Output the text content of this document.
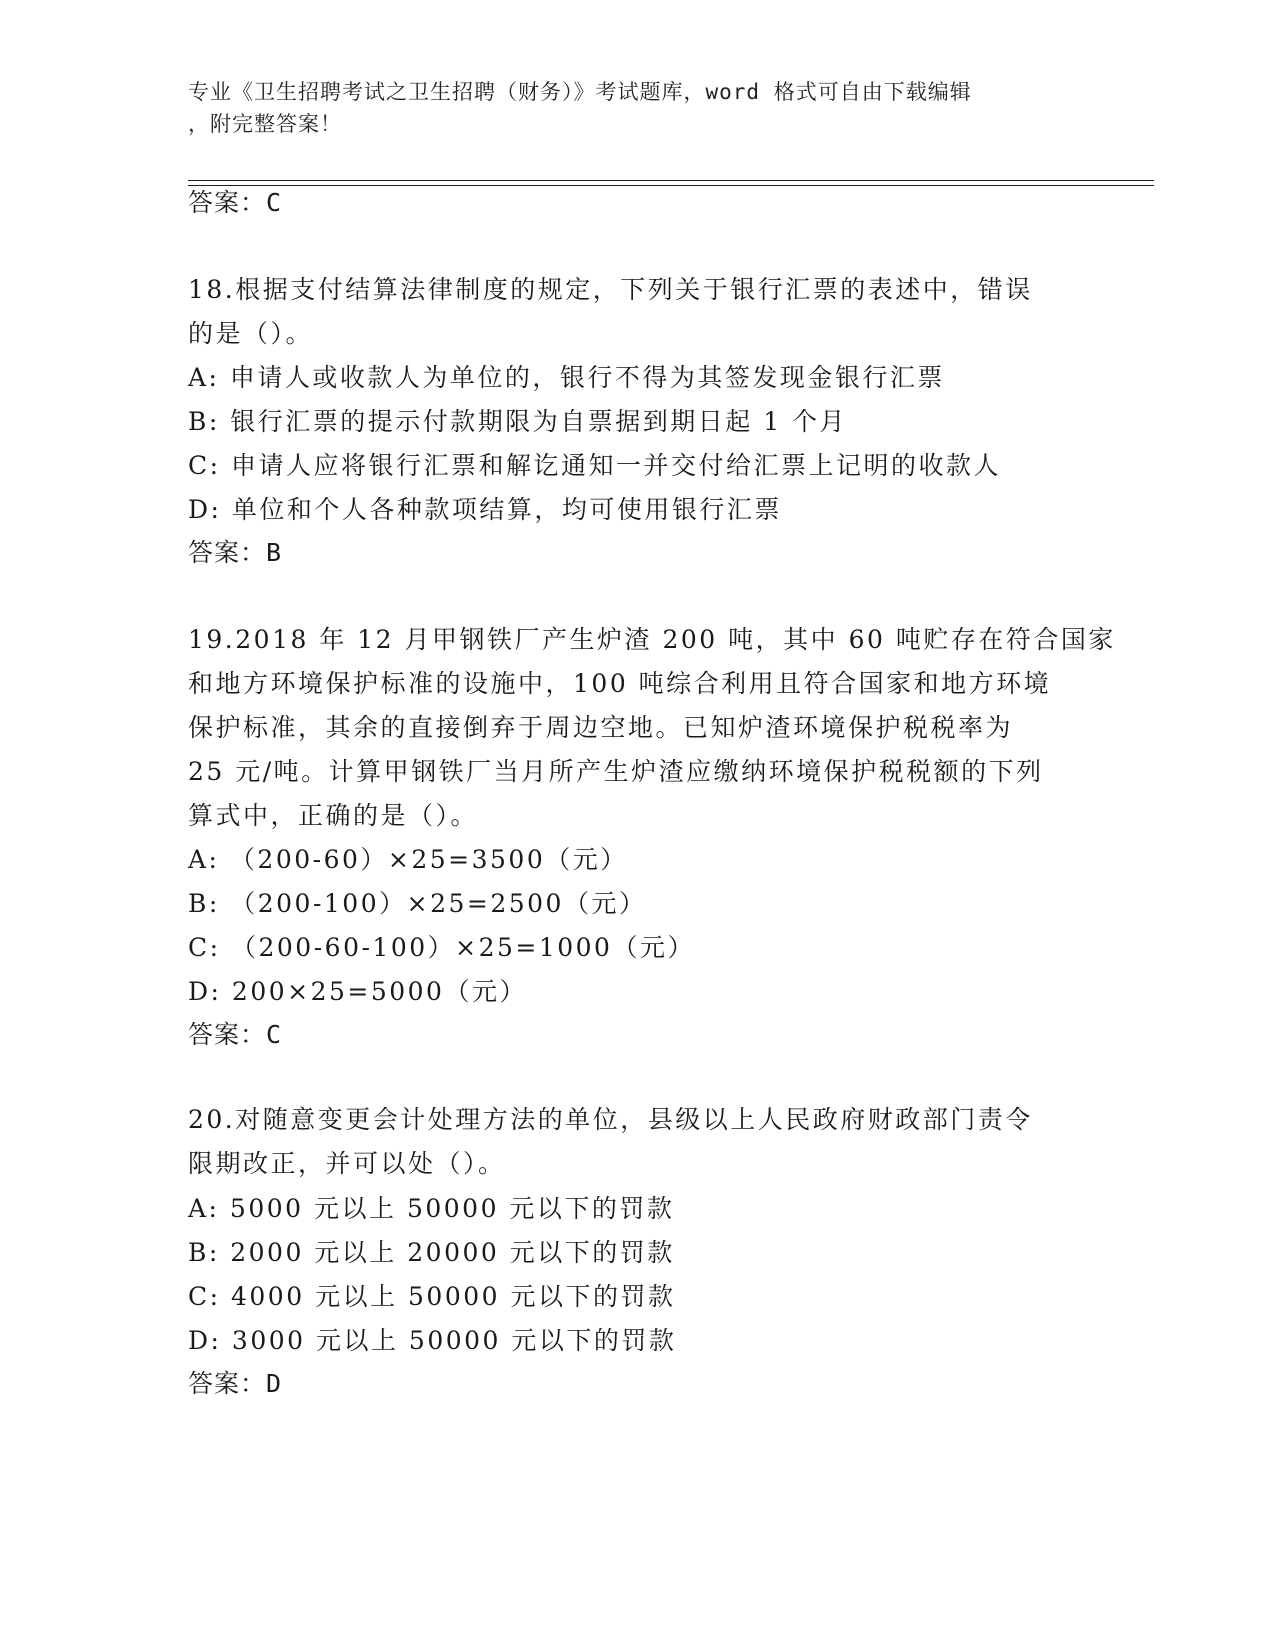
专业《卫生招聘考试之卫生招聘（财务）》考试题库，word 格式可自由下载编辑
，附完整答案！
答案：C
18.根据支付结算法律制度的规定，下列关于银行汇票的表述中，错误
的是（）。
A: 申请人或收款人为单位的，银行不得为其签发现金银行汇票
B: 银行汇票的提示付款期限为自票据到期日起 1 个月
C: 申请人应将银行汇票和解讫通知一并交付给汇票上记明的收款人
D: 单位和个人各种款项结算，均可使用银行汇票
答案：B
19.2018 年 12 月甲钢铁厂产生炉渣 200 吨，其中 60 吨贮存在符合国家
和地方环境保护标准的设施中，100 吨综合利用且符合国家和地方环境
保护标准，其余的直接倒弃于周边空地。已知炉渣环境保护税税率为
25 元/吨。计算甲钢铁厂当月所产生炉渣应缴纳环境保护税税额的下列
算式中，正确的是（）。
A: （200-60）×25=3500（元）
B: （200-100）×25=2500（元）
C: （200-60-100）×25=1000（元）
D: 200×25=5000（元）
答案：C
20.对随意变更会计处理方法的单位，县级以上人民政府财政部门责令
限期改正，并可以处（）。
A: 5000 元以上 50000 元以下的罚款
B: 2000 元以上 20000 元以下的罚款
C: 4000 元以上 50000 元以下的罚款
D: 3000 元以上 50000 元以下的罚款
答案：D
